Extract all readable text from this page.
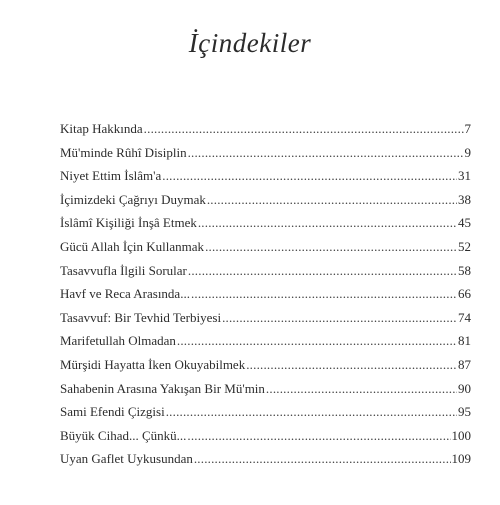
İçindekiler
Kitap Hakkında .....	7
Mü'minde Rûhî Disiplin .....	9
Niyet Ettim İslâm'a .....	31
İçimizdeki Çağrıyı Duymak .....	38
İslâmî Kişiliği İnşâ Etmek .....	45
Gücü Allah İçin Kullanmak .....	52
Tasavvufla İlgili Sorular .....	58
Havf ve Reca Arasında... .....	66
Tasavvuf: Bir Tevhid Terbiyesi .....	74
Marifetullah Olmadan .....	81
Mürşidi Hayatta İken Okuyabilmek .....	87
Sahabenin Arasına Yakışan Bir Mü'min .....	90
Sami Efendi Çizgisi .....	95
Büyük Cihad... Çünkü... .....	100
Uyan Gaflet Uykusundan .....	109
